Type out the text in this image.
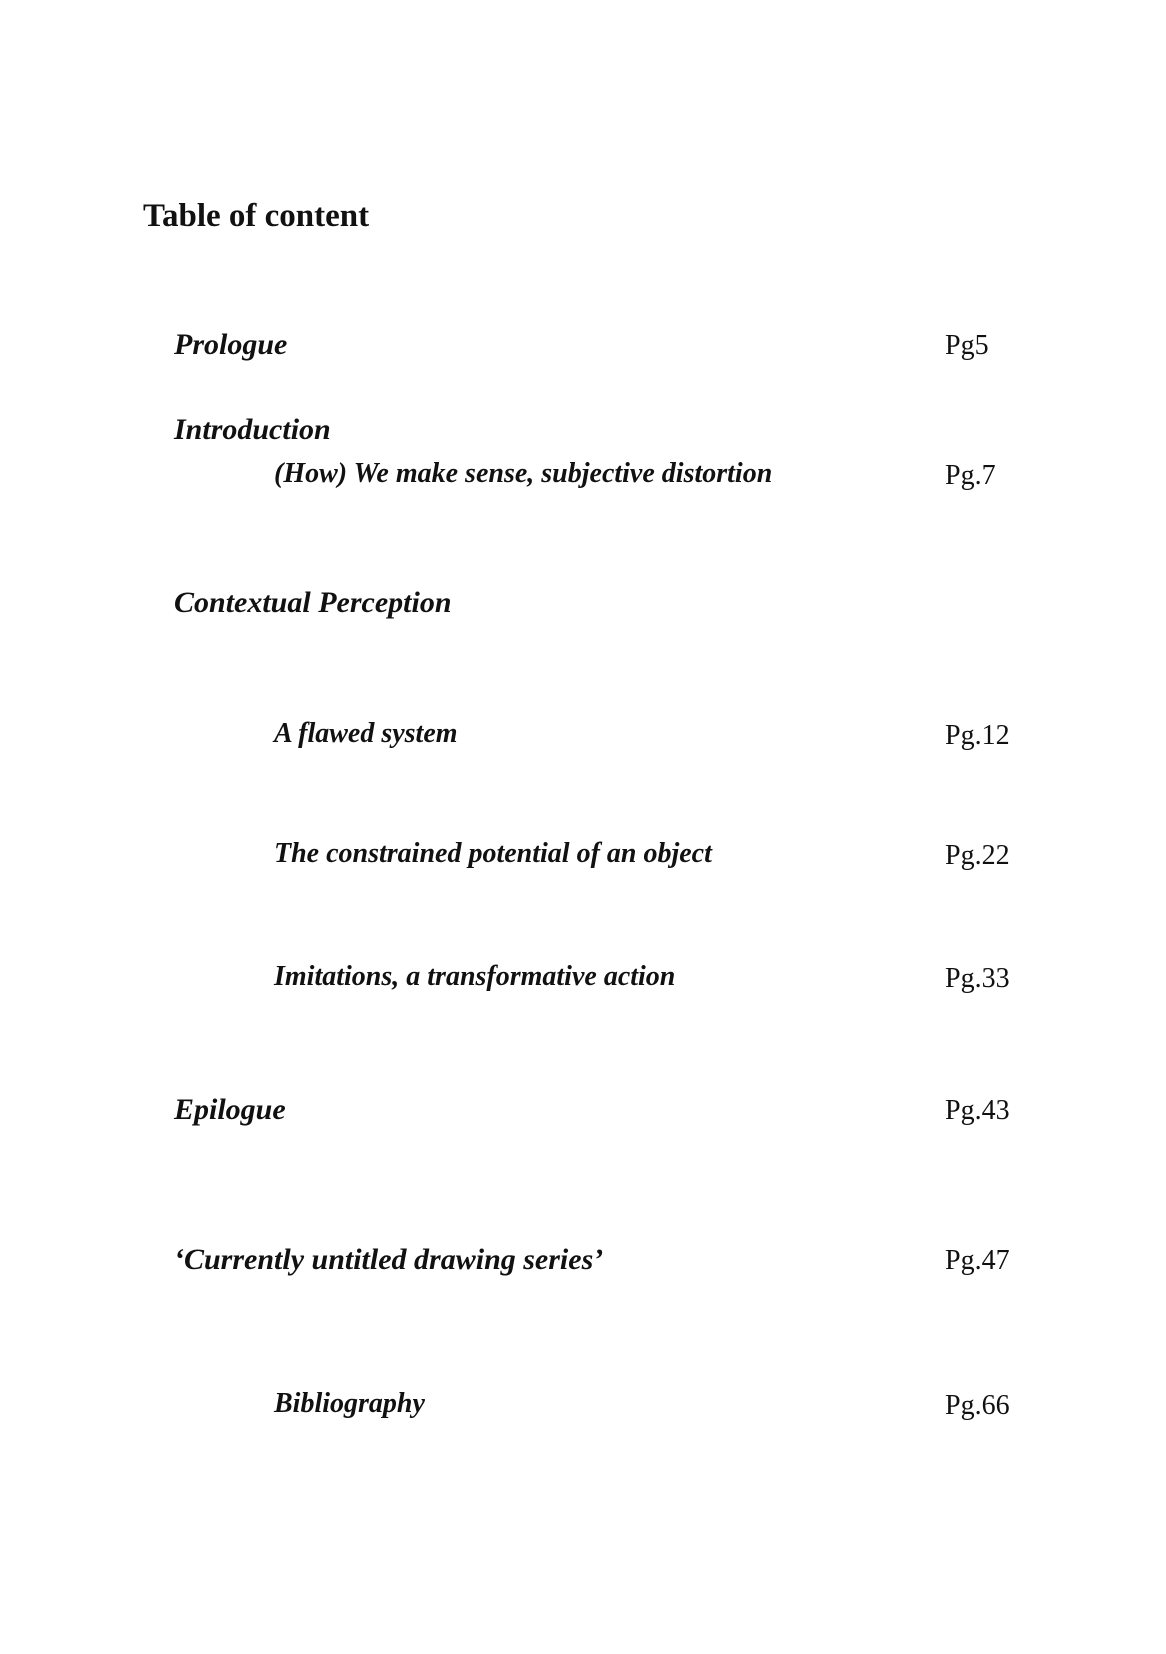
Table of content
Prologue	Pg5
Introduction
(How) We make sense, subjective distortion	Pg.7
Contextual Perception
A flawed system	Pg.12
The constrained potential of an object	Pg.22
Imitations, a transformative action	Pg.33
Epilogue	Pg.43
‘Currently untitled drawing series’	Pg.47
Bibliography	Pg.66
